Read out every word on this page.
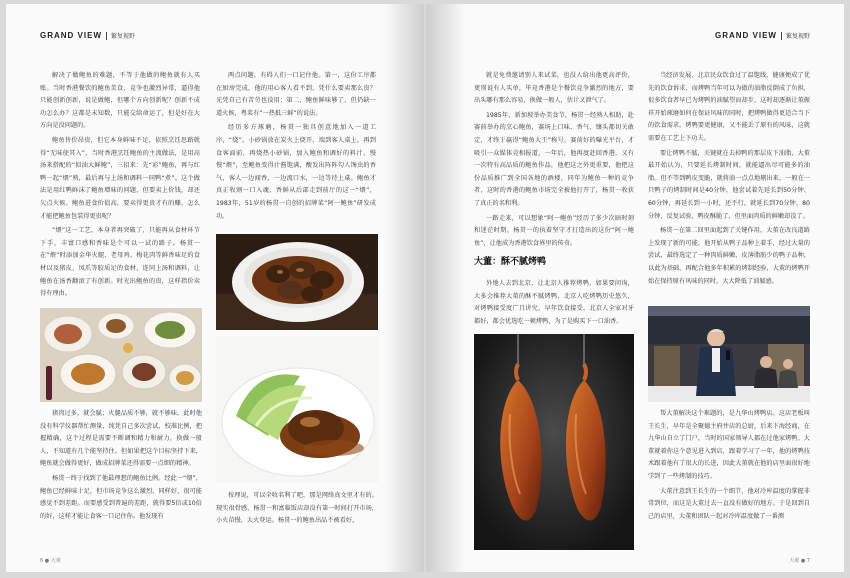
GRAND VIEW 繁复视野

解决了做鲍鱼的难题，不等于他做的鲍鱼就有人买账。当时香港餐饮的鲍鱼美食，竞争也激烈异常，逼得他只能创新创新，说是做鲍，但哪个方向创新呢？创新不成功怎么办？这都是未知数，只能交给命运了，但是好在大方向是没问题的。

鲍鱼售价昂贵，但它本身鲜味不足，依照烹饪思路就得“无味使其入”，当时香港烹饪鲍鱼的主流做法，是用高汤来搭配的“拟油大鲜鲍”，三招来：先“彩”鲍鱼，再与红鸭一起“煨”熟，最后再与上汤和调料一同鸭“煮”。这个做法是用红鸭鲜沫了鲍鱼增味的问题，但要卖上价钱，却还欠点火候。鲍鱼进食价值高，要卖得更贵才有的赚。怎么才能把鲍鱼包装得更贵呢？

“煨”这一工艺，本身者再突破了，只能再从食材环节下手，丰富口感和香味是个可以一试的路子。杨贯一在“煨”时添加金华火腿、老母鸡、梅花肉等鲜香味足的食材以及猪皮、凤爪等胶质足的食材，连同上汤和调料，让鲍鱼在汤香翻滚了有创新。时光出鲍鱼的贵，这样指价卖得有理由。

猪肉过多，就会腻；火腿品质不够，就不够味。此时他没有科学仪器帮忙测量，纯凭自己多次尝试，校准比例，把握精确，这个过程是需要不断调和精力和耐力，换做一般人，不知道有几个能坚持住。但如果把这个目标坚持下来，鲍鱼就会做得更好，做成招牌菜还得需要一点细的精神。

杨贯一终于找到了他最理想的鲍鱼比例。经此一“煨”，鲍鱼已经鲜味十足，但市场竞争这么激烈，同样好，很可能感觉不到差距。而要感受到普遍的差距，就得要5倍或10倍的好，这样才能让食客一口记住你。他发现有

两点问题，有碍人们一口记住他。第一，这份工序都在厨房完成，他的用心客人看不到，凭什么要卖那么贵？光凭自己有苦劳也没用；第二，鲍鱼鲜味够了，但仍缺一道火候，粤菜有“一热抵三鲜”的说法。

经历多方琢磨，杨贯一独具创意地加入一道工序，“烧”。小砂锅放在炭火上烧开，端到客人桌上，再到食客面前，再烧热小砂锅，加入鲍鱼和调好的料汁，慢慢“煨”，至鲍鱼变得汁酱饱满，酸发出阵阵勾人馋虫的香气，客人一边闻香，一边流口水，一边等待上桌。鲍鱼才真正收割一口入魂，香鲜从后部走到前厅的这一“煨”，1983年，51岁的杨贯一自创的招牌菜“阿一鲍鱼”研发成功。

按理说，可以全收名利了吧，那是网络真文里才有的。现实很骨感，杨贯一和富临饭店却没有第一时间打开市场，小火苗慢，大火登运。杨贯一的鲍鱼出品不被看好，

6 ● 大观
GRAND VIEW 繁复视野

就是免费邀请别人来试菜，也没人给出他更高评价，更别说有人买单，毕竟香港是个餐饮竞争激烈的地方，要出头哪有那么容易，换做一般人，估计又泄气了。

1985年，新加坡举办美食节，杨贯一经熟人相助，赴赛前举办的烹心鲍鱼，赛场上口味、香气、镶头都切关敢定，才终于赢得“鲍鱼大王”称号。赛前好的曝光平台，才吸引一众媒体竞相报道，一年后，他再度赴回香港，又有一次特有高品质的鲍鱼作品，他把这之外更重要，他把这份品质推广到全国各地的酒楼，同年为鲍鱼一种的竞争者，这时的香港的鲍鱼市场完全被他打开了，杨贯一收获了真正的名和利。

一路走来，可以想象“阿一鲍鱼”经历了多少次暗时刻和迷茫时期。杨贯一的执着坚守才打造出的这份“阿一鲍鱼”，让他成为香港饮食界里的传奇。

大董：酥不腻烤鸭

外地人去到北京，让北京人推荐烤鸭，如果要问询，大多会推荐大董的酥不腻烤鸭，北京人吃烤鸭历史悠久，对烤鸭接受度广且讲究，早年饮食接受，北京人全家对牙都好，都会优选吃一顿烤鸭，为了是购买下一口油香。

当经济发展，北京民众饮食过了温饱线，健康便成了优先的饮食诉求，而烤鸭当年可以为傲的油脂反倒成了负担，很多饮食者早已为烤鸭的油腻望而却步，这时却逐渐让董振祥开始琢磨如何在保证风味的同时，把烤鸭做得更适合当下的饮食需求。烤鸭要更健康，又不能丢了原有的风味，这就需要在工艺上下功夫。

要让烤鸭不腻，关键就在去掉鸭的那层皮下油脂，大董最开始认为，只要延长烤制时间，就能逼出尽可能多的油脂。但不等到鸭皮变脆，就将油一点点地剔出来。一般在一只鸭子的烤制时间是40分钟，他尝试着先延长到50分钟、60分钟，再延长到一小时，还不行，就延长到70分钟、80分钟，反复试验，鸭皮酥脆了，但里面肉质的鲜嫩却没了。

杨贯一在第二回里面起到了关键作用，大董在改良道路上发现了新的可能，他开始从鸭子品种上着手，经过大量的尝试，最终选定了一种肉质鲜嫩、皮薄脂肪少的鸭子品种，以此为基础，再配合他多年积累的烤制经验，大董的烤鸭开始在保持原有风味的同时，大大降低了油腻感。

帮大董解决这个难题的，是九华山烤鸭店。这店老板叫王长生，早年是全聚德主府井店的总厨，后来下海经商，在九华山自立了门户，当时的国家领导人都在过他家烤鸭。大董就着你这个意见进入到店，跟着学习了一年，他的烤鸭技术跟着他有了很大的长进，因此大董就在他的店里面很好地学到了一些烤制的技巧。

大董注意到王长生的一个细节，他对冷库温度的掌握非常到位，而这是大董过去一直没有做好的地方。于是回到自己的店里，大董和团队一起对冷库温度做了一番测

大观 ● 7
